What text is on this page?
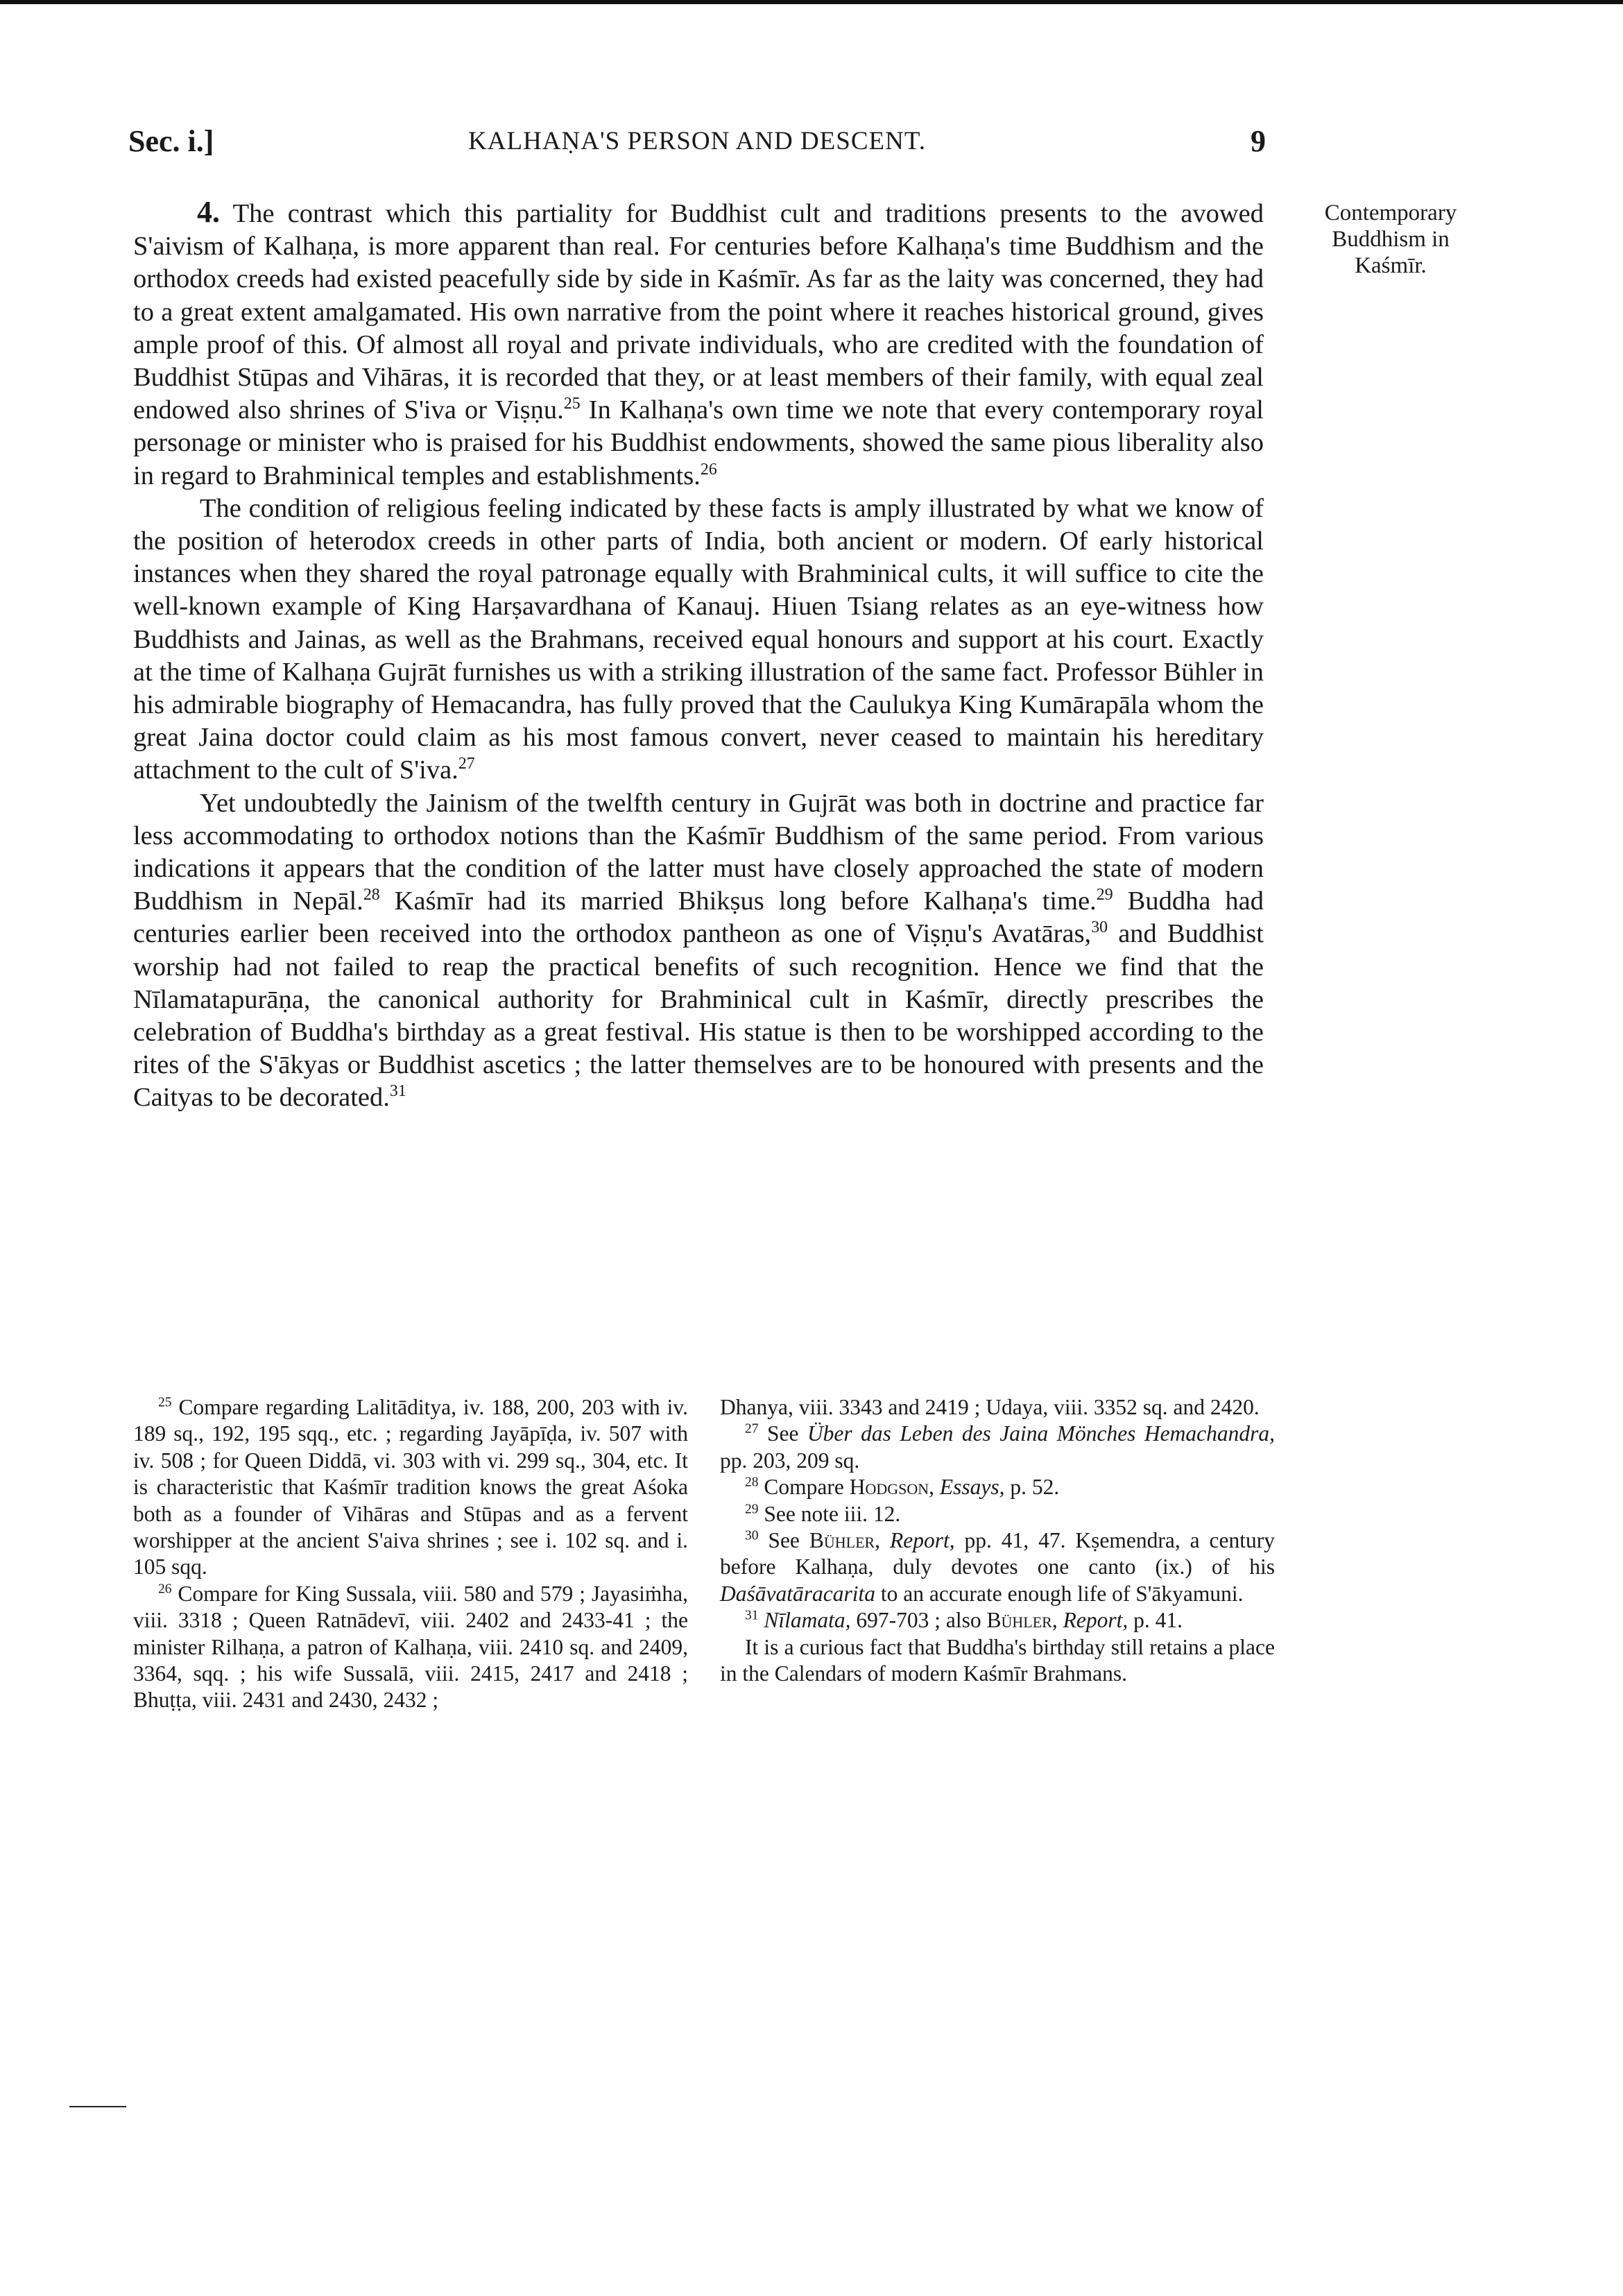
Sec. i.]	KALHAṆA'S PERSON AND DESCENT.	9
Contemporary
Buddhism in
Kaśmīr.

4. The contrast which this partiality for Buddhist cult and traditions presents to the avowed S'aivism of Kalhaṇa, is more apparent than real. For centuries before Kalhaṇa's time Buddhism and the orthodox creeds had existed peacefully side by side in Kaśmīr. As far as the laity was concerned, they had to a great extent amalgamated. His own narrative from the point where it reaches historical ground, gives ample proof of this. Of almost all royal and private individuals, who are credited with the foundation of Buddhist Stūpas and Vihāras, it is recorded that they, or at least members of their family, with equal zeal endowed also shrines of S'iva or Viṣṇu.$^{25}$ In Kalhaṇa's own time we note that every contemporary royal personage or minister who is praised for his Buddhist endowments, showed the same pious liberality also in regard to Brahminical temples and establishments.$^{26}$

The condition of religious feeling indicated by these facts is amply illustrated by what we know of the position of heterodox creeds in other parts of India, both ancient or modern. Of early historical instances when they shared the royal patronage equally with Brahminical cults, it will suffice to cite the well-known example of King Harṣavardhana of Kanauj. Hiuen Tsiang relates as an eye-witness how Buddhists and Jainas, as well as the Brahmans, received equal honours and support at his court. Exactly at the time of Kalhaṇa Gujrāt furnishes us with a striking illustration of the same fact. Professor Bühler in his admirable biography of Hemacandra, has fully proved that the Caulukya King Kumārapāla whom the great Jaina doctor could claim as his most famous convert, never ceased to maintain his hereditary attachment to the cult of S'iva.$^{27}$

Yet undoubtedly the Jainism of the twelfth century in Gujrāt was both in doctrine and practice far less accommodating to orthodox notions than the Kaśmīr Buddhism of the same period. From various indications it appears that the condition of the latter must have closely approached the state of modern Buddhism in Nepāl.$^{28}$ Kaśmīr had its married Bhikṣus long before Kalhaṇa's time.$^{29}$ Buddha had centuries earlier been received into the orthodox pantheon as one of Viṣṇu's Avatāras,$^{30}$ and Buddhist worship had not failed to reap the practical benefits of such recognition. Hence we find that the Nīlamatapurāṇa, the canonical authority for Brahminical cult in Kaśmīr, directly prescribes the celebration of Buddha's birthday as a great festival. His statue is then to be worshipped according to the rites of the S'ākyas or Buddhist ascetics ; the latter themselves are to be honoured with presents and the Caityas to be decorated.$^{31}$

$^{25}$ Compare regarding Lalitāditya, iv. 188, 200, 203 with iv. 189 sq., 192, 195 sqq., etc. ; regarding Jayāpīḍa, iv. 507 with iv. 508 ; for Queen Diddā, vi. 303 with vi. 299 sq., 304, etc. It is characteristic that Kaśmīr tradition knows the great Aśoka both as a founder of Vihāras and Stūpas and as a fervent worshipper at the ancient S'aiva shrines ; see i. 102 sq. and i. 105 sqq.

$^{26}$ Compare for King Sussala, viii. 580 and 579 ; Jayasiṁha, viii. 3318 ; Queen Ratnādevī, viii. 2402 and 2433-41 ; the minister Rilhaṇa, a patron of Kalhaṇa, viii. 2410 sq. and 2409, 3364, sqq. ; his wife Sussalā, viii. 2415, 2417 and 2418 ; Bhuṭṭa, viii. 2431 and 2430, 2432 ;

Dhanya, viii. 3343 and 2419 ; Udaya, viii. 3352 sq. and 2420.

$^{27}$ See Über das Leben des Jaina Mönches Hemachandra, pp. 203, 209 sq.

$^{28}$ Compare Hodgson, Essays, p. 52.

$^{29}$ See note iii. 12.

$^{30}$ See Bühler, Report, pp. 41, 47. Kṣemendra, a century before Kalhaṇa, duly devotes one canto (ix.) of his Daśāvatāracarita to an accurate enough life of S'ākyamuni.

$^{31}$ Nīlamata, 697-703 ; also Bühler, Report, p. 41.

It is a curious fact that Buddha's birthday still retains a place in the Calendars of modern Kaśmīr Brahmans.
